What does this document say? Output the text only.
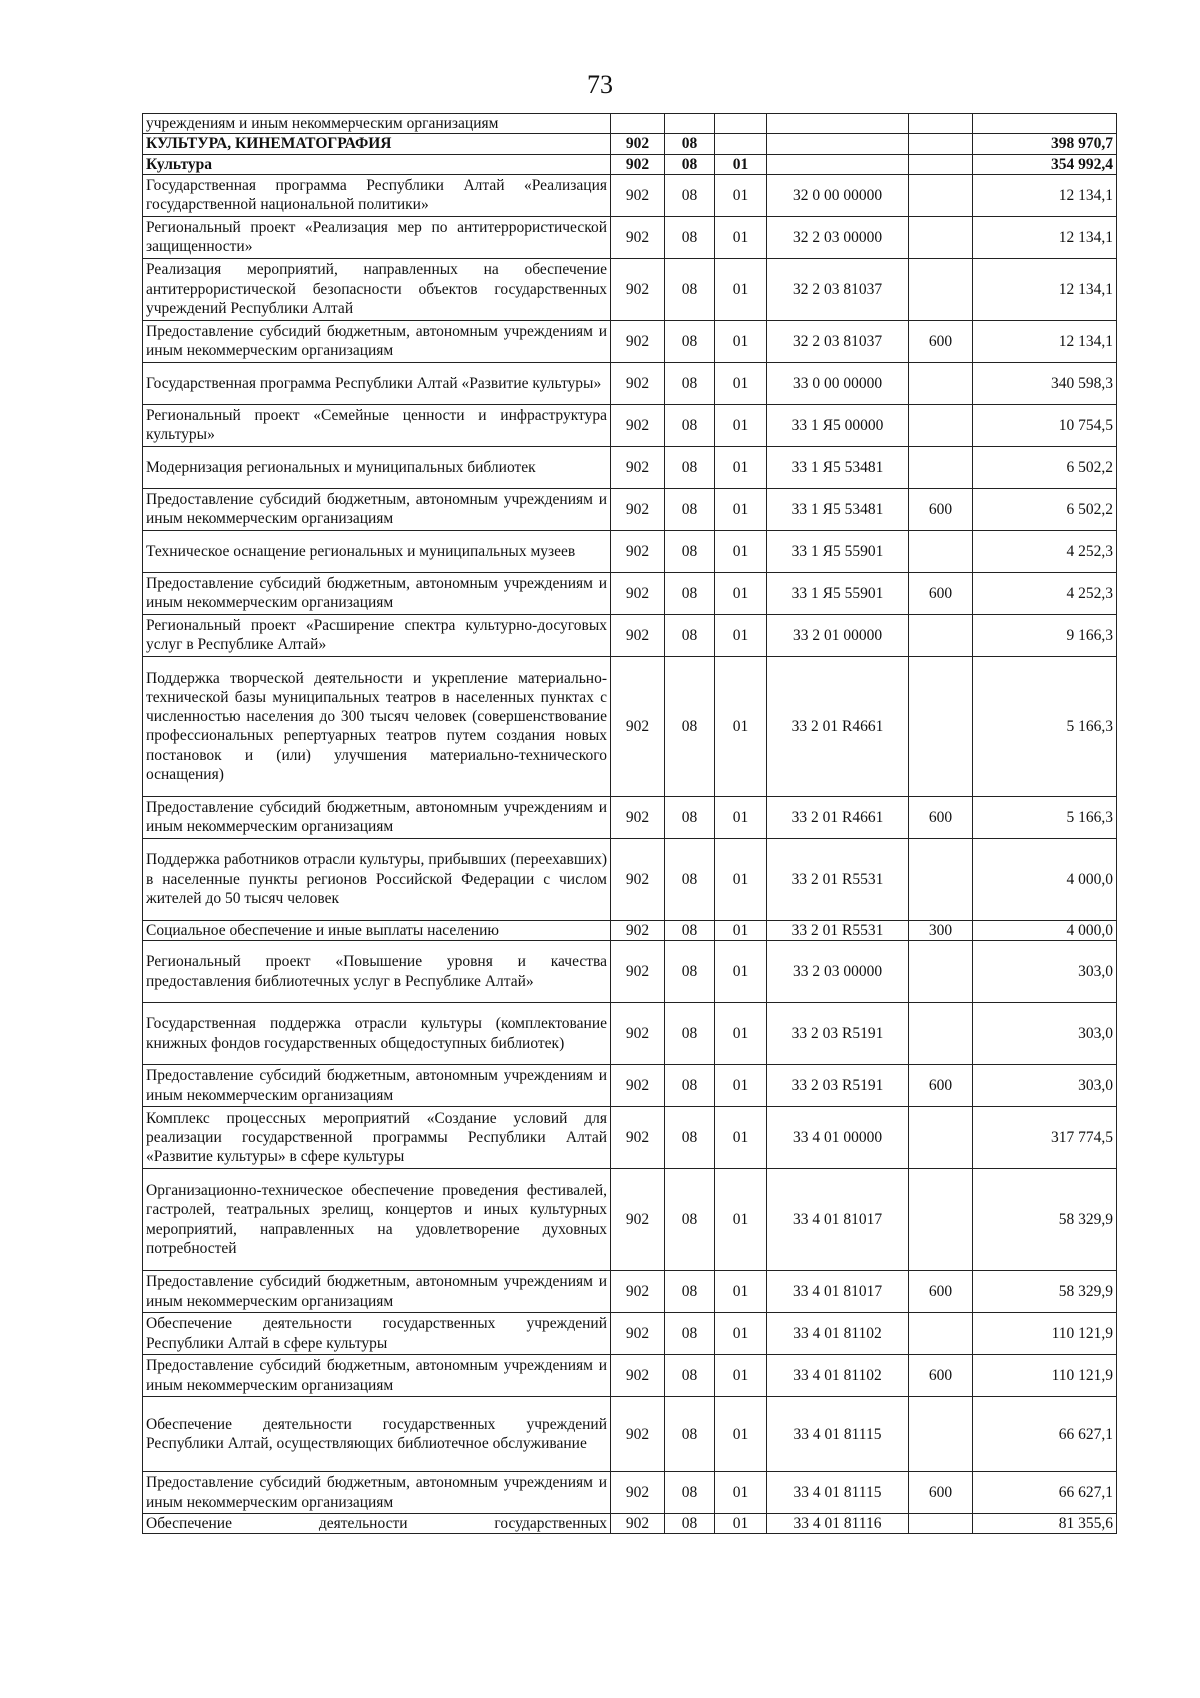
73
учреждениям и иным некоммерческим организациям						
КУЛЬТУРА, КИНЕМАТОГРАФИЯ	902	08				398 970,7
Культура	902	08	01			354 992,4
Государственная программа Республики Алтай «Реализация государственной национальной политики»	902	08	01	32 0 00 00000		12 134,1
Региональный проект «Реализация мер по антитеррористической защищенности»	902	08	01	32 2 03 00000		12 134,1
Реализация мероприятий, направленных на обеспечение антитеррористической безопасности объектов государственных учреждений Республики Алтай	902	08	01	32 2 03 81037		12 134,1
Предоставление субсидий бюджетным, автономным учреждениям и иным некоммерческим организациям	902	08	01	32 2 03 81037	600	12 134,1
Государственная программа Республики Алтай «Развитие культуры»	902	08	01	33 0 00 00000		340 598,3
Региональный проект «Семейные ценности и инфраструктура культуры»	902	08	01	33 1 Я5 00000		10 754,5
Модернизация региональных и муниципальных библиотек	902	08	01	33 1 Я5 53481		6 502,2
Предоставление субсидий бюджетным, автономным учреждениям и иным некоммерческим организациям	902	08	01	33 1 Я5 53481	600	6 502,2
Техническое оснащение региональных и муниципальных музеев	902	08	01	33 1 Я5 55901		4 252,3
Предоставление субсидий бюджетным, автономным учреждениям и иным некоммерческим организациям	902	08	01	33 1 Я5 55901	600	4 252,3
Региональный проект «Расширение спектра культурно-досуговых услуг в Республике Алтай»	902	08	01	33 2 01 00000		9 166,3
Поддержка творческой деятельности и укрепление материально-технической базы муниципальных театров в населенных пунктах с численностью населения до 300 тысяч человек (совершенствование профессиональных репертуарных театров путем создания новых постановок и (или) улучшения материально-технического оснащения)	902	08	01	33 2 01 R4661		5 166,3
Предоставление субсидий бюджетным, автономным учреждениям и иным некоммерческим организациям	902	08	01	33 2 01 R4661	600	5 166,3
Поддержка работников отрасли культуры, прибывших (переехавших) в населенные пункты регионов Российской Федерации с числом жителей до 50 тысяч человек	902	08	01	33 2 01 R5531		4 000,0
Социальное обеспечение и иные выплаты населению	902	08	01	33 2 01 R5531	300	4 000,0
Региональный проект «Повышение уровня и качества предоставления библиотечных услуг в Республике Алтай»	902	08	01	33 2 03 00000		303,0
Государственная поддержка отрасли культуры (комплектование книжных фондов государственных общедоступных библиотек)	902	08	01	33 2 03 R5191		303,0
Предоставление субсидий бюджетным, автономным учреждениям и иным некоммерческим организациям	902	08	01	33 2 03 R5191	600	303,0
Комплекс процессных мероприятий «Создание условий для реализации государственной программы Республики Алтай «Развитие культуры» в сфере культуры	902	08	01	33 4 01 00000		317 774,5
Организационно-техническое обеспечение проведения фестивалей, гастролей, театральных зрелищ, концертов и иных культурных мероприятий, направленных на удовлетворение духовных потребностей	902	08	01	33 4 01 81017		58 329,9
Предоставление субсидий бюджетным, автономным учреждениям и иным некоммерческим организациям	902	08	01	33 4 01 81017	600	58 329,9
Обеспечение деятельности государственных учреждений Республики Алтай в сфере культуры	902	08	01	33 4 01 81102		110 121,9
Предоставление субсидий бюджетным, автономным учреждениям и иным некоммерческим организациям	902	08	01	33 4 01 81102	600	110 121,9
Обеспечение деятельности государственных учреждений Республики Алтай, осуществляющих библиотечное обслуживание	902	08	01	33 4 01 81115		66 627,1
Предоставление субсидий бюджетным, автономным учреждениям и иным некоммерческим организациям	902	08	01	33 4 01 81115	600	66 627,1
Обеспечение деятельности государственных	902	08	01	33 4 01 81116		81 355,6
